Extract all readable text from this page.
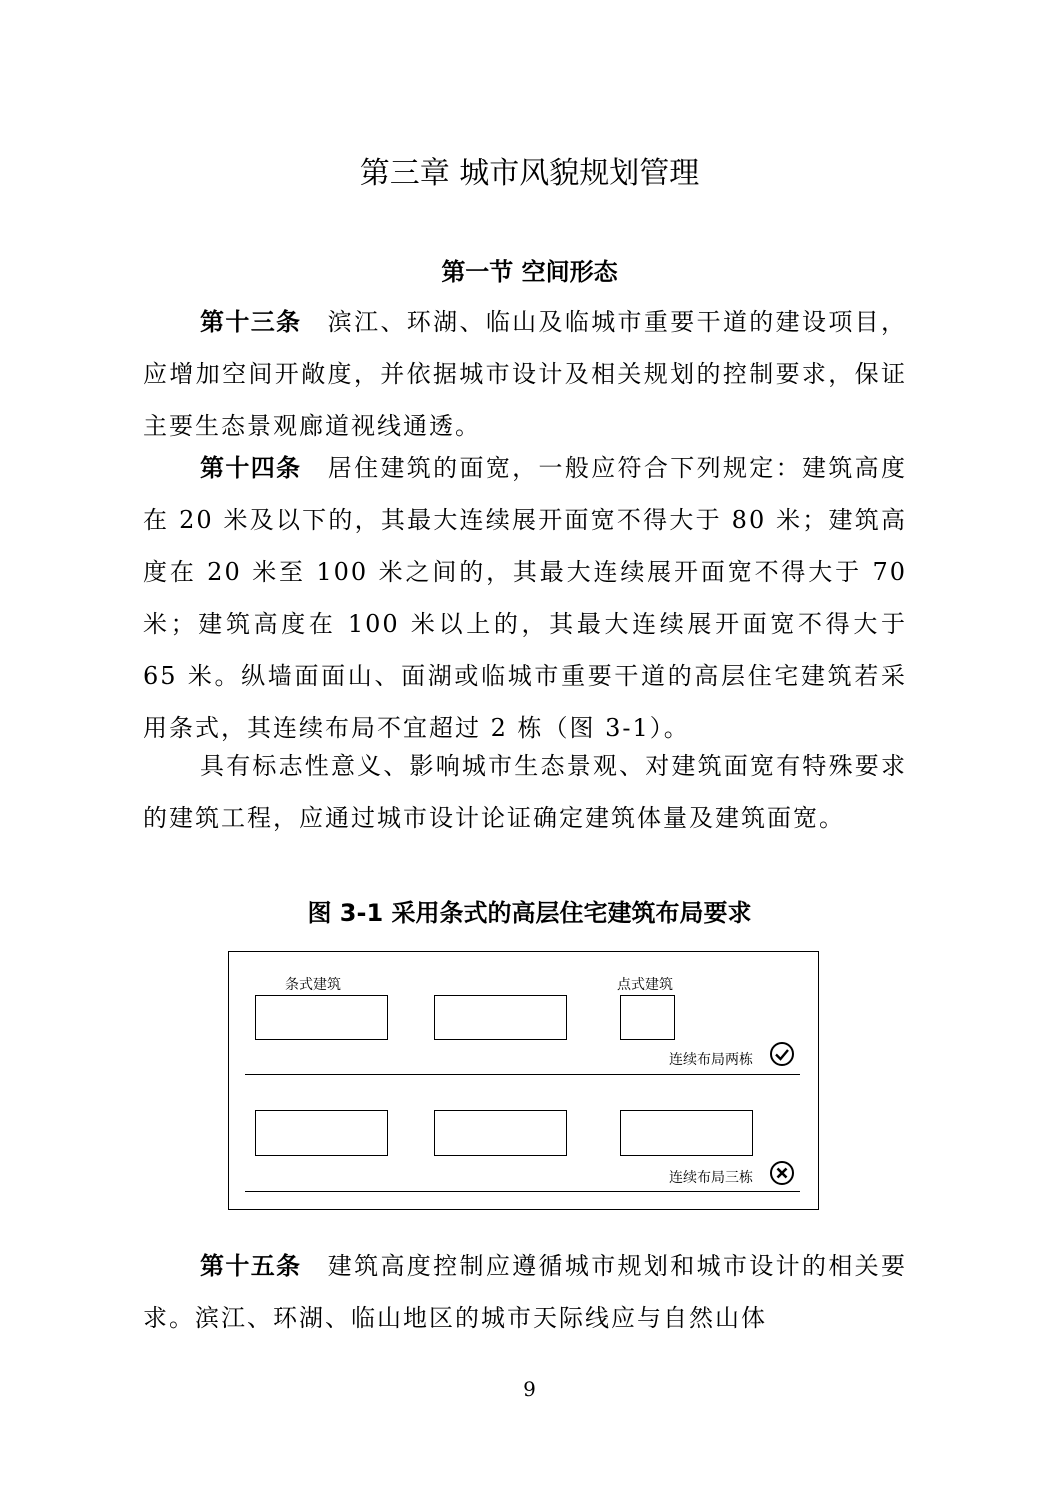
第三章 城市风貌规划管理
第一节 空间形态

第十三条　 滨江、环湖、临山及临城市重要干道的建设项目，应增加空间开敞度，并依据城市设计及相关规划的控制要求，保证主要生态景观廊道视线通透。

第十四条　 居住建筑的面宽，一般应符合下列规定：建筑高度在 20 米及以下的，其最大连续展开面宽不得大于 80 米；建筑高度在 20 米至 100 米之间的，其最大连续展开面宽不得大于 70 米；建筑高度在 100 米以上的，其最大连续展开面宽不得大于 65 米。纵墙面面山、面湖或临城市重要干道的高层住宅建筑若采用条式，其连续布局不宜超过 2 栋（图 3-1）。

具有标志性意义、影响城市生态景观、对建筑面宽有特殊要求的建筑工程，应通过城市设计论证确定建筑体量及建筑面宽。

图 3-1 采用条式的高层住宅建筑布局要求
条式建筑	点式建筑
连续布局两栋
连续布局三栋

第十五条　 建筑高度控制应遵循城市规划和城市设计的相关要求。滨江、环湖、临山地区的城市天际线应与自然山体

9
